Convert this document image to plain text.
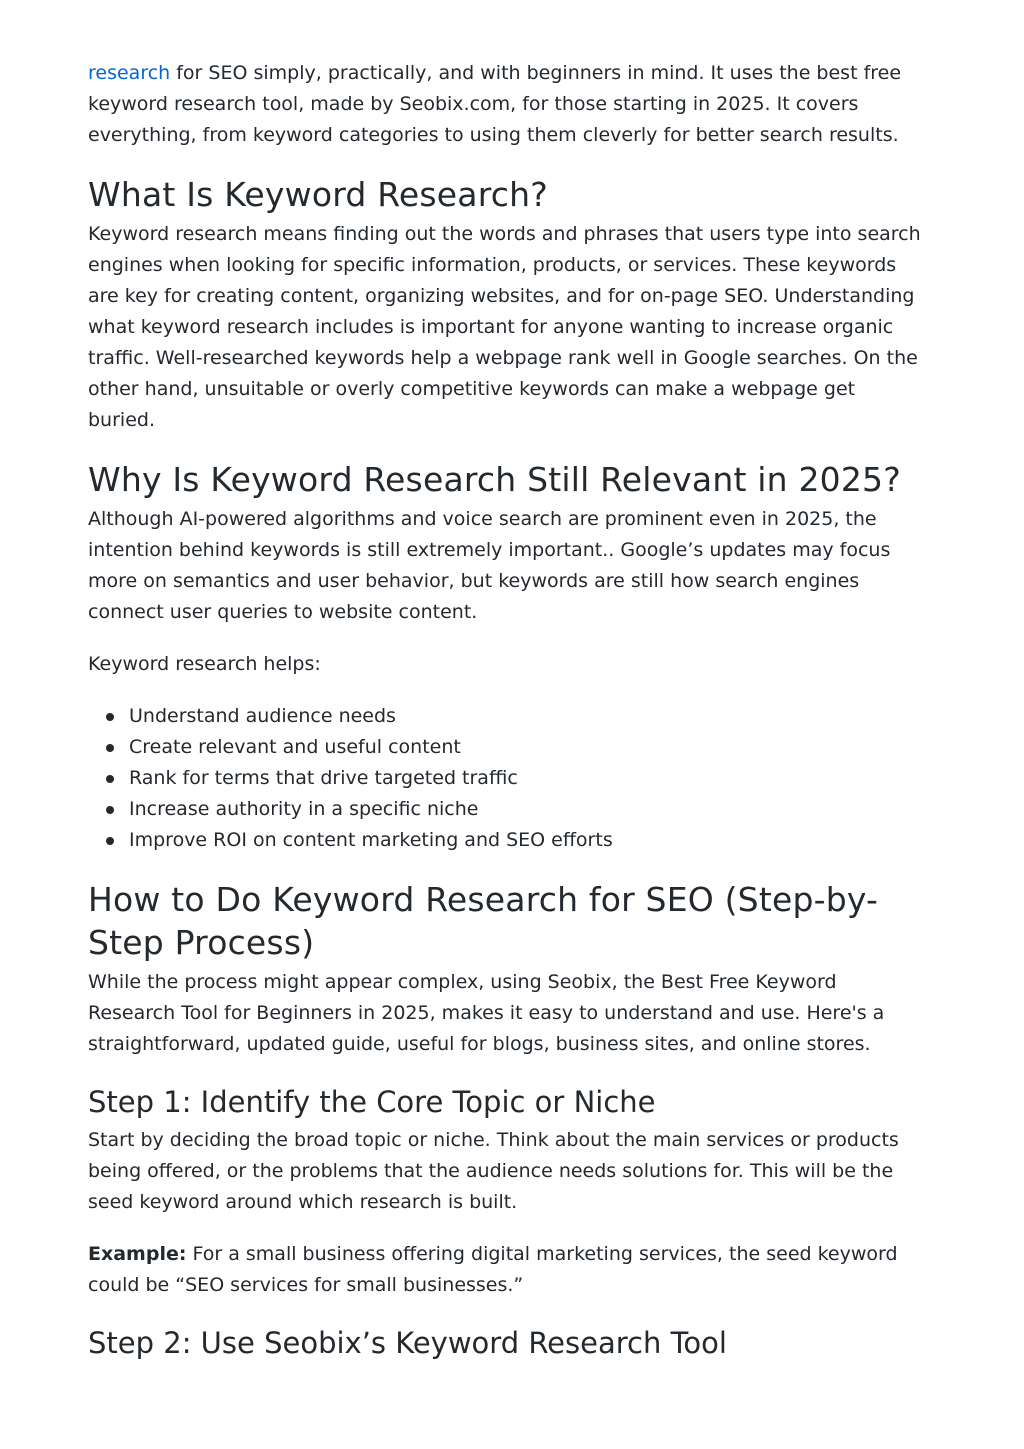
research for SEO simply, practically, and with beginners in mind. It uses the best free keyword research tool, made by Seobix.com, for those starting in 2025. It covers everything, from keyword categories to using them cleverly for better search results.

What Is Keyword Research?

Keyword research means finding out the words and phrases that users type into search engines when looking for specific information, products, or services. These keywords are key for creating content, organizing websites, and for on-page SEO. Understanding what keyword research includes is important for anyone wanting to increase organic traffic. Well-researched keywords help a webpage rank well in Google searches. On the other hand, unsuitable or overly competitive keywords can make a webpage get buried.

Why Is Keyword Research Still Relevant in 2025?

Although AI-powered algorithms and voice search are prominent even in 2025, the intention behind keywords is still extremely important.. Google’s updates may focus more on semantics and user behavior, but keywords are still how search engines connect user queries to website content.

Keyword research helps:

Understand audience needs
Create relevant and useful content
Rank for terms that drive targeted traffic
Increase authority in a specific niche
Improve ROI on content marketing and SEO efforts
How to Do Keyword Research for SEO (Step-by-Step Process)

While the process might appear complex, using Seobix, the Best Free Keyword Research Tool for Beginners in 2025, makes it easy to understand and use. Here's a straightforward, updated guide, useful for blogs, business sites, and online stores.

Step 1: Identify the Core Topic or Niche

Start by deciding the broad topic or niche. Think about the main services or products being offered, or the problems that the audience needs solutions for. This will be the seed keyword around which research is built.

Example: For a small business offering digital marketing services, the seed keyword could be “SEO services for small businesses.”

Step 2: Use Seobix’s Keyword Research Tool
